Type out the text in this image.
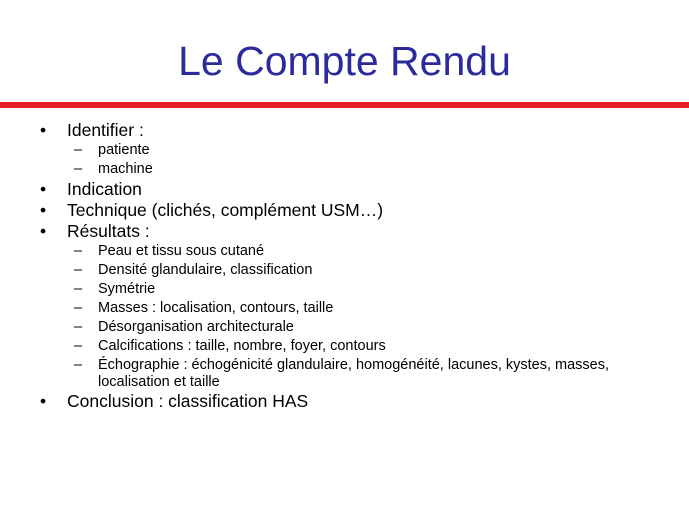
Le Compte Rendu
•	Identifier :
– patiente
– machine
•	Indication
•	Technique (clichés, complément USM…)
•	Résultats :
– Peau et tissu sous cutané
– Densité glandulaire, classification
– Symétrie
– Masses : localisation, contours, taille
– Désorganisation architecturale
– Calcifications : taille, nombre, foyer, contours
– Échographie : échogénicité glandulaire, homogénéité, lacunes, kystes, masses, localisation et taille
•	Conclusion : classification HAS
